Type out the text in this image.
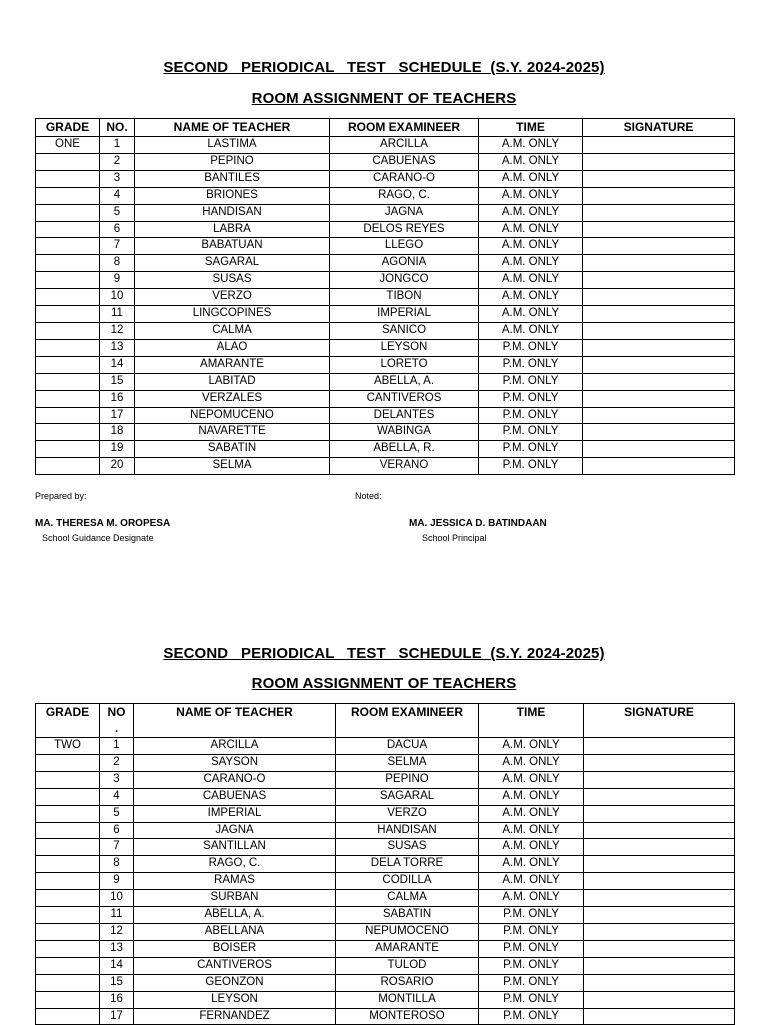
SECOND   PERIODICAL   TEST   SCHEDULE  (S.Y. 2024-2025)
ROOM ASSIGNMENT OF TEACHERS
GRADE	NO.	NAME OF TEACHER	ROOM EXAMINEER	TIME	SIGNATURE
ONE	1	LASTIMA	ARCILLA	A.M. ONLY	
	2	PEPINO	CABUENAS	A.M. ONLY	
	3	BANTILES	CARANO-O	A.M. ONLY	
	4	BRIONES	RAGO, C.	A.M. ONLY	
	5	HANDISAN	JAGNA	A.M. ONLY	
	6	LABRA	DELOS REYES	A.M. ONLY	
	7	BABATUAN	LLEGO	A.M. ONLY	
	8	SAGARAL	AGONIA	A.M. ONLY	
	9	SUSAS	JONGCO	A.M. ONLY	
	10	VERZO	TIBON	A.M. ONLY	
	11	LINGCOPINES	IMPERIAL	A.M. ONLY	
	12	CALMA	SANICO	A.M. ONLY	
	13	ALAO	LEYSON	P.M. ONLY	
	14	AMARANTE	LORETO	P.M. ONLY	
	15	LABITAD	ABELLA, A.	P.M. ONLY	
	16	VERZALES	CANTIVEROS	P.M. ONLY	
	17	NEPOMUCENO	DELANTES	P.M. ONLY	
	18	NAVARETTE	WABINGA	P.M. ONLY	
	19	SABATIN	ABELLA, R.	P.M. ONLY	
	20	SELMA	VERANO	P.M. ONLY	
Prepared by:	Noted:
MA. THERESA M. OROPESA
School Guidance Designate
MA. JESSICA D. BATINDAAN
School Principal
SECOND   PERIODICAL   TEST   SCHEDULE  (S.Y. 2024-2025)
ROOM ASSIGNMENT OF TEACHERS
GRADE	NO
.	NAME OF TEACHER	ROOM EXAMINEER	TIME	SIGNATURE
TWO	1	ARCILLA	DACUA	A.M. ONLY	
	2	SAYSON	SELMA	A.M. ONLY	
	3	CARANO-O	PEPINO	A.M. ONLY	
	4	CABUENAS	SAGARAL	A.M. ONLY	
	5	IMPERIAL	VERZO	A.M. ONLY	
	6	JAGNA	HANDISAN	A.M. ONLY	
	7	SANTILLAN	SUSAS	A.M. ONLY	
	8	RAGO, C.	DELA TORRE	A.M. ONLY	
	9	RAMAS	CODILLA	A.M. ONLY	
	10	SURBAN	CALMA	A.M. ONLY	
	11	ABELLA, A.	SABATIN	P.M. ONLY	
	12	ABELLANA	NEPUMOCENO	P.M. ONLY	
	13	BOISER	AMARANTE	P.M. ONLY	
	14	CANTIVEROS	TULOD	P.M. ONLY	
	15	GEONZON	ROSARIO	P.M. ONLY	
	16	LEYSON	MONTILLA	P.M. ONLY	
	17	FERNANDEZ	MONTEROSO	P.M. ONLY	
